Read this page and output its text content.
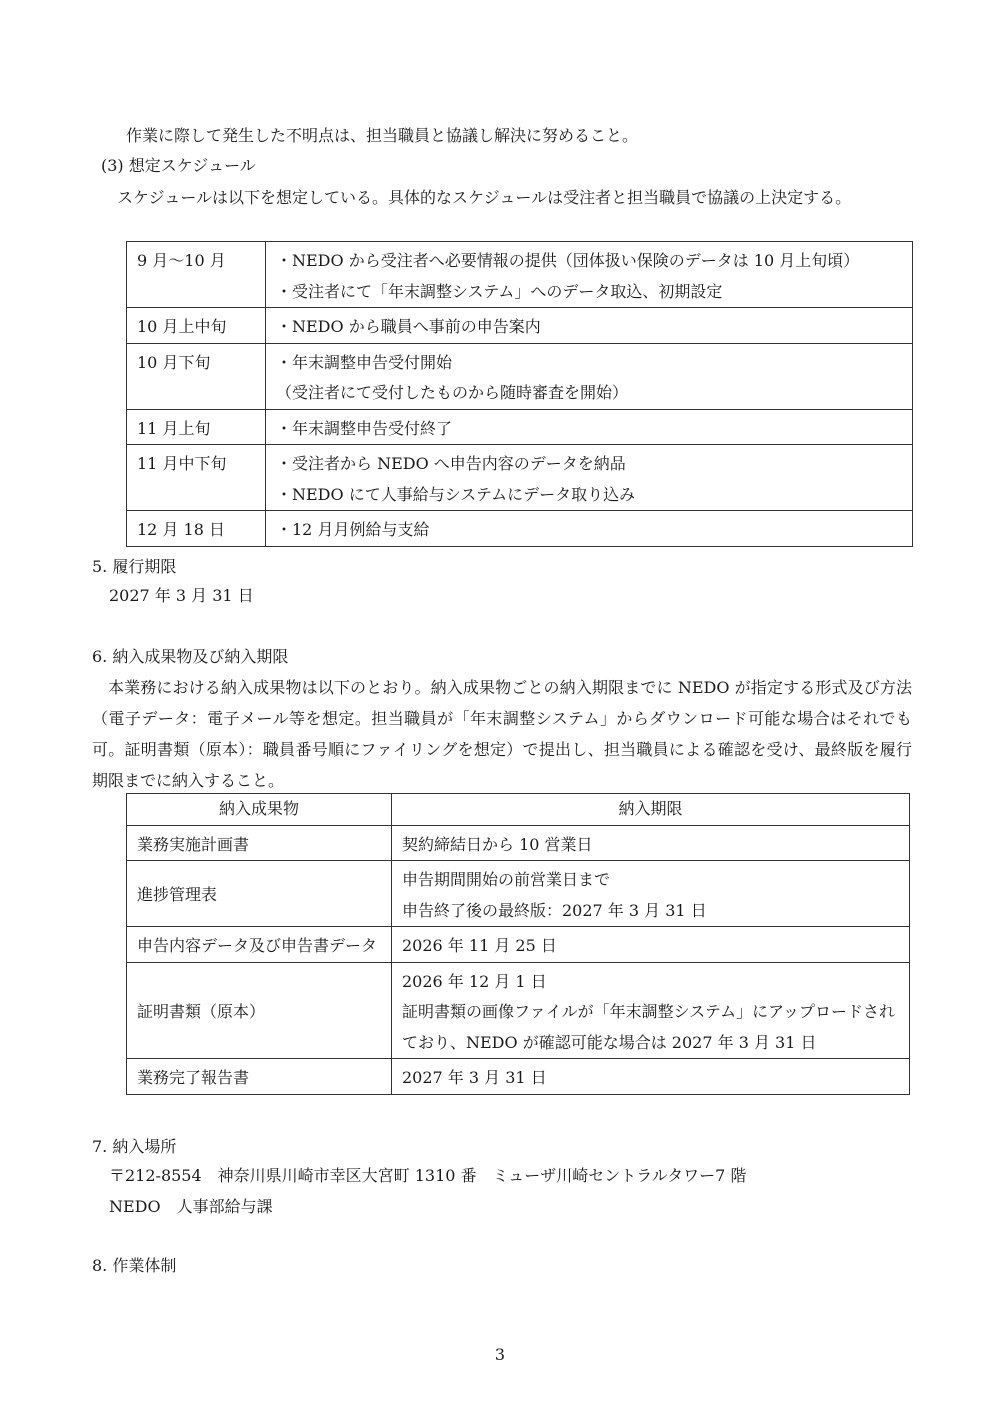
作業に際して発生した不明点は、担当職員と協議し解決に努めること。
(3) 想定スケジュール
スケジュールは以下を想定している。具体的なスケジュールは受注者と担当職員で協議の上決定する。
9 月〜10 月	・NEDO から受注者へ必要情報の提供（団体扱い保険のデータは 10 月上旬頃）
・受注者にて「年末調整システム」へのデータ取込、初期設定

10 月上中旬	・NEDO から職員へ事前の申告案内

10 月下旬	・年末調整申告受付開始
（受注者にて受付したものから随時審査を開始）

11 月上旬	・年末調整申告受付終了

11 月中下旬	・受注者から NEDO へ申告内容のデータを納品
・NEDO にて人事給与システムにデータ取り込み

12 月 18 日	・12 月月例給与支給
5. 履行期限
2027 年 3 月 31 日
6. 納入成果物及び納入期限
本業務における納入成果物は以下のとおり。納入成果物ごとの納入期限までに NEDO が指定する形式及び方法（電子データ：電子メール等を想定。担当職員が「年末調整システム」からダウンロード可能な場合はそれでも可。証明書類（原本）：職員番号順にファイリングを想定）で提出し、担当職員による確認を受け、最終版を履行期限までに納入すること。
納入成果物	納入期限
業務実施計画書	契約締結日から 10 営業日

進捗管理表	申告期間開始の前営業日まで
申告終了後の最終版：2027 年 3 月 31 日

申告内容データ及び申告書データ	2026 年 11 月 25 日

証明書類（原本）	2026 年 12 月 1 日
証明書類の画像ファイルが「年末調整システム」にアップロードされており、NEDO が確認可能な場合は 2027 年 3 月 31 日

業務完了報告書	2027 年 3 月 31 日
7. 納入場所
〒212-8554　神奈川県川崎市幸区大宮町 1310 番　ミューザ川崎セントラルタワー7 階
NEDO　人事部給与課
8. 作業体制
3
